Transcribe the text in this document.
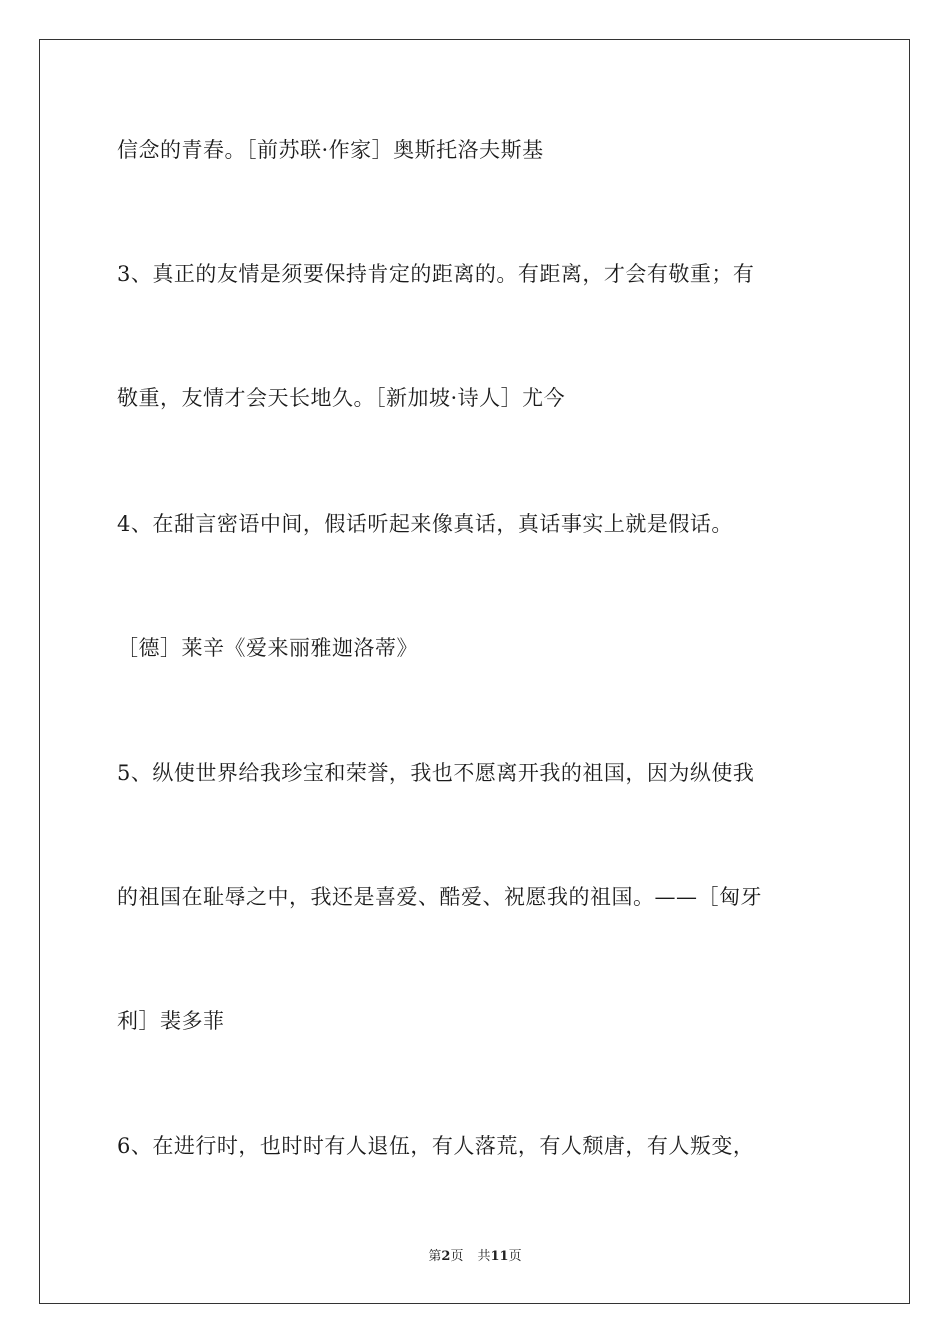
信念的青春。［前苏联·作家］奥斯托洛夫斯基
3、真正的友情是须要保持肯定的距离的。有距离，才会有敬重；有
敬重，友情才会天长地久。［新加坡·诗人］尤今
4、在甜言密语中间，假话听起来像真话，真话事实上就是假话。
［德］莱辛《爱来丽雅迦洛蒂》
5、纵使世界给我珍宝和荣誉，我也不愿离开我的祖国，因为纵使我
的祖国在耻辱之中，我还是喜爱、酷爱、祝愿我的祖国。——［匈牙
利］裴多菲
6、在进行时，也时时有人退伍，有人落荒，有人颓唐，有人叛变，
第2页 共11页
